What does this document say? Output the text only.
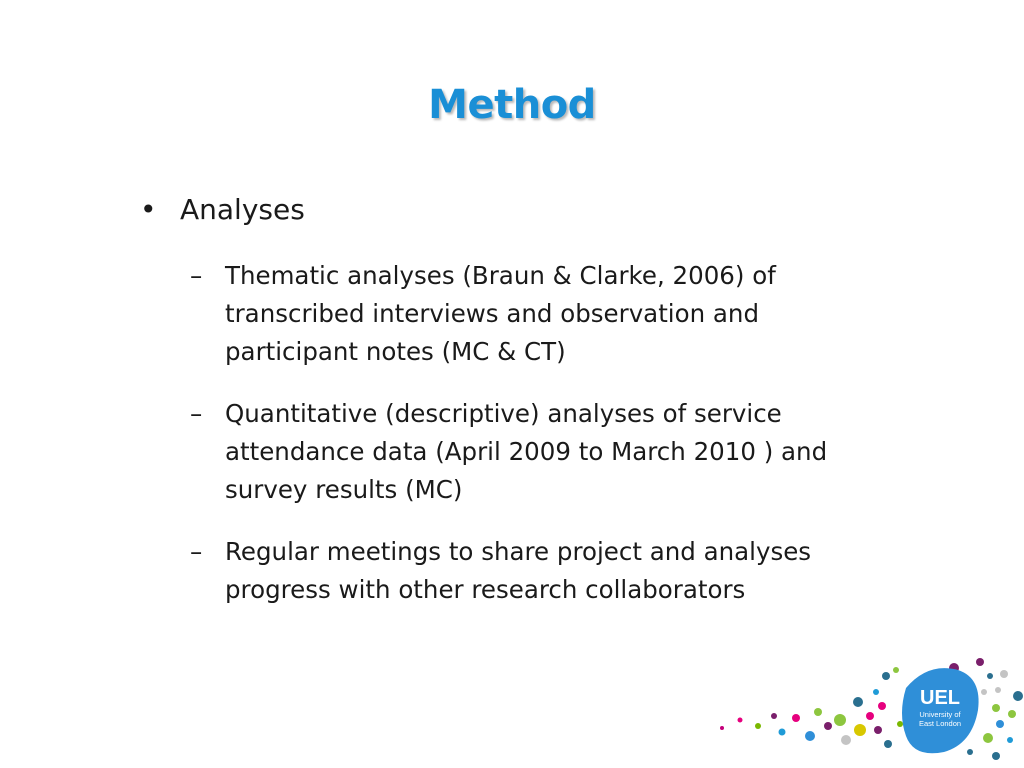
Method
• Analyses
– Thematic analyses (Braun & Clarke, 2006) of
transcribed interviews and observation and
participant notes (MC & CT)
– Quantitative (descriptive) analyses of service
attendance data (April 2009 to March 2010 ) and
survey results (MC)
– Regular meetings to share project and analyses
progress with other research collaborators
UEL
University of
East London
